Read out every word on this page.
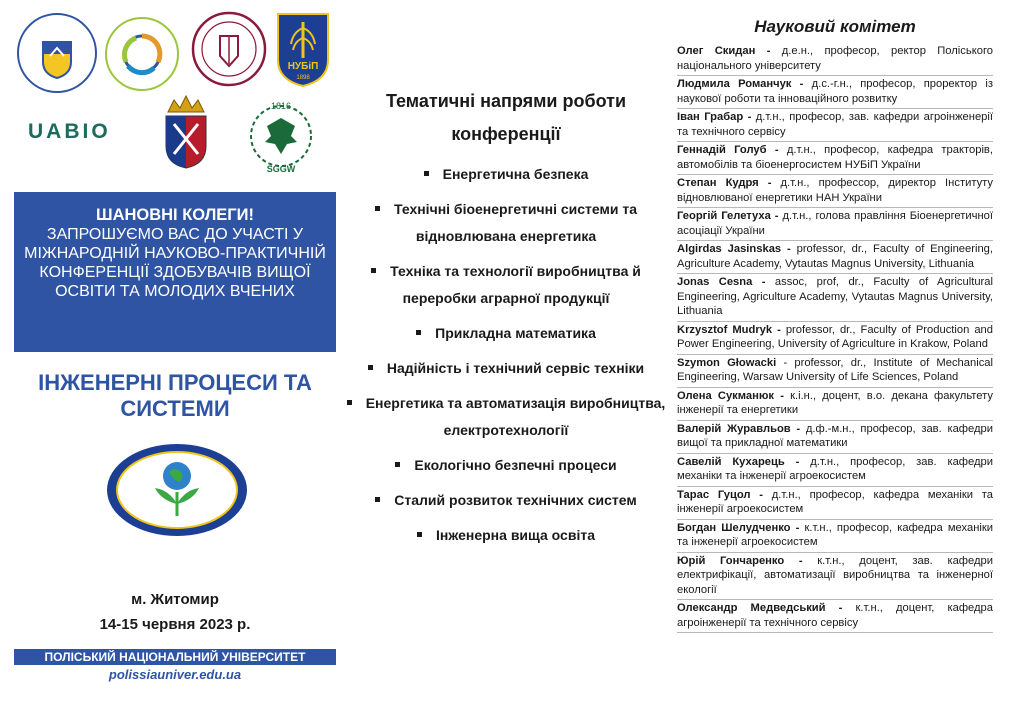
НУБіП
1898
UABIO
1816
SGGW
ШАНОВНІ КОЛЕГИ!
ЗАПРОШУЄМО ВАС ДО УЧАСТІ У МІЖНАРОДНІЙ НАУКОВО-ПРАКТИЧНІЙ КОНФЕРЕНЦІЇ ЗДОБУВАЧІВ ВИЩОЇ ОСВІТИ ТА МОЛОДИХ ВЧЕНИХ
ІНЖЕНЕРНІ ПРОЦЕСИ ТА СИСТЕМИ
м. Житомир
14-15 червня 2023 р.
ПОЛІСЬКИЙ НАЦІОНАЛЬНИЙ УНІВЕРСИТЕТ
polissiauniver.edu.ua
Тематичні напрями роботи конференції
Енергетична безпека
Технічні біоенергетичні системи та відновлювана енергетика
Техніка та технології виробництва й переробки аграрної продукції
Прикладна математика
Надійність і технічний сервіс техніки
Енергетика та автоматизація виробництва, електротехнології
Екологічно безпечні процеси
Сталий розвиток технічних систем
Інженерна вища освіта
Науковий комітет
Олег Скидан - д.е.н., професор, ректор Поліського національного університету
Людмила Романчук - д.с.-г.н., професор, проректор із наукової роботи та інноваційного розвитку
Іван Грабар - д.т.н., професор, зав. кафедри агроінженерії та технічного сервісу
Геннадій Голуб - д.т.н., професор, кафедра тракторів, автомобілів та біоенергосистем НУБіП України
Степан Кудря - д.т.н., професcор, директор Інституту відновлюваної енергетики НАН України
Георгій Гелетуха - д.т.н., голова правління Біоенергетичної асоціації України
Algirdas Jasinskas - professor, dr., Faculty of Engineering, Agriculture Academy, Vytautas Magnus University, Lithuania
Jonas Cesna - assoc, prof, dr., Faculty of Agricultural Engineering, Agriculture Academy, Vytautas Magnus University, Lithuania
Krzysztof Mudryk - professor, dr., Faculty of Production and Power Engineering, University of Agriculture in Krakow, Poland
Szymon Głowacki - professor, dr., Institute of Mechanical Engineering, Warsaw University of Life Sciences, Poland
Олена Сукманюк - к.і.н., доцент, в.о. декана факультету інженерії та енергетики
Валерій Журавльов - д.ф.-м.н., професор, зав. кафедри вищої та прикладної математики
Савелій Кухарець - д.т.н., професор, зав. кафедри механіки та інженерії агроекосистем
Тарас Гуцол - д.т.н., професор, кафедра механіки та інженерії агроекосистем
Богдан Шелудченко - к.т.н., професор, кафедра механіки та інженерії агроекосистем
Юрій Гончаренко - к.т.н., доцент, зав. кафедри електрифікації, автоматизації виробництва та інженерної екології
Олександр Медведський - к.т.н., доцент, кафедра агроінженерії та технічного сервісу
